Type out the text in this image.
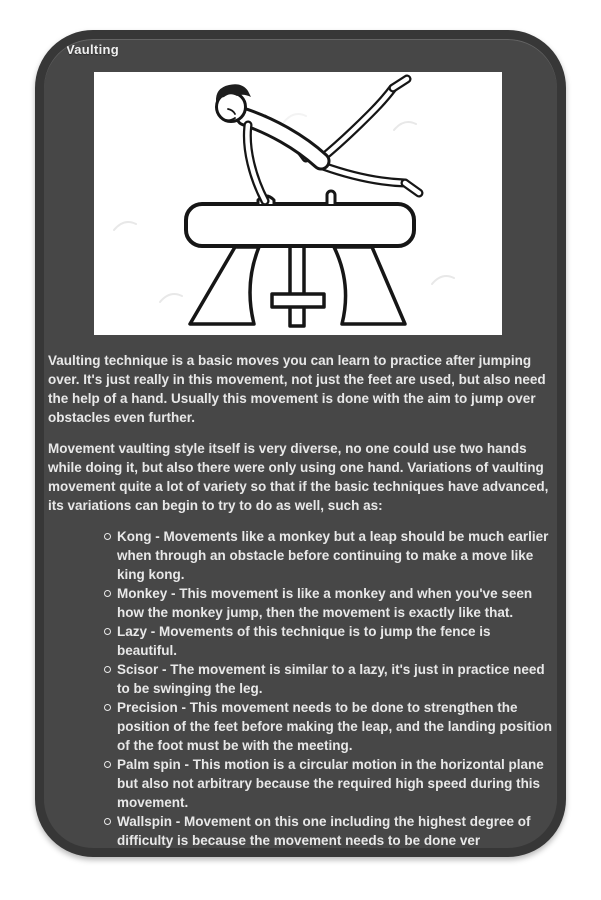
Vaulting

Vaulting technique is a basic moves you can learn to practice after jumping over. It's just really in this movement, not just the feet are used, but also need the help of a hand. Usually this movement is done with the aim to jump over obstacles even further.

Movement vaulting style itself is very diverse, no one could use two hands while doing it, but also there were only using one hand. Variations of vaulting movement quite a lot of variety so that if the basic techniques have advanced, its variations can begin to try to do as well, such as:

Kong - Movements like a monkey but a leap should be much earlier when through an obstacle before continuing to make a move like king kong.
Monkey - This movement is like a monkey and when you've seen how the monkey jump, then the movement is exactly like that.
Lazy - Movements of this technique is to jump the fence is beautiful.
Scisor - The movement is similar to a lazy, it's just in practice need to be swinging the leg.
Precision - This movement needs to be done to strengthen the position of the feet before making the leap, and the landing position of the foot must be with the meeting.
Palm spin - This motion is a circular motion in the horizontal plane but also not arbitrary because the required high speed during this movement.
Wallspin - Movement on this one including the highest degree of difficulty is because the movement needs to be done ver
